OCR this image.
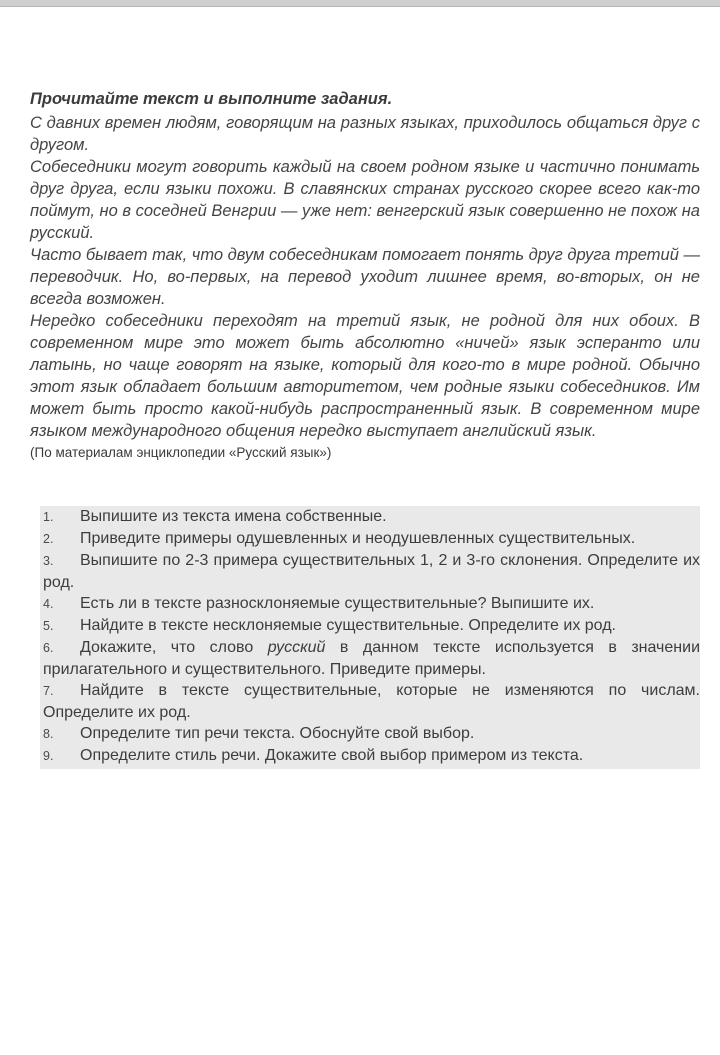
Прочитайте текст и выполните задания.

С давних времен людям, говорящим на разных языках, приходилось общаться друг с другом.

Собеседники могут говорить каждый на своем родном языке и частично понимать друг друга, если языки похожи. В славянских странах русского скорее всего как-то поймут, но в соседней Венгрии — уже нет: венгерский язык совершенно не похож на русский.

Часто бывает так, что двум собеседникам помогает понять друг друга третий — переводчик. Но, во-первых, на перевод уходит лишнее время, во-вторых, он не всегда возможен.

Нередко собеседники переходят на третий язык, не родной для них обоих. В современном мире это может быть абсолютно «ничей» язык эсперанто или латынь, но чаще говорят на языке, который для кого-то в мире родной. Обычно этот язык обладает большим авторитетом, чем родные языки собеседников. Им может быть просто какой-нибудь распространенный язык. В современном мире языком международного общения нередко выступает английский язык.

(По материалам энциклопедии «Русский язык»)

1. Выпишите из текста имена собственные.

2. Приведите примеры одушевленных и неодушевленных существительных.

3. Выпишите по 2-3 примера существительных 1, 2 и 3-го склонения. Определите их род.

4. Есть ли в тексте разносклоняемые существительные? Выпишите их.

5. Найдите в тексте несклоняемые существительные. Определите их род.

6. Докажите, что слово русский в данном тексте используется в значении прилагательного и существительного. Приведите примеры.

7. Найдите в тексте существительные, которые не изменяются по числам. Определите их род.

8. Определите тип речи текста. Обоснуйте свой выбор.

9. Определите стиль речи. Докажите свой выбор примером из текста.
